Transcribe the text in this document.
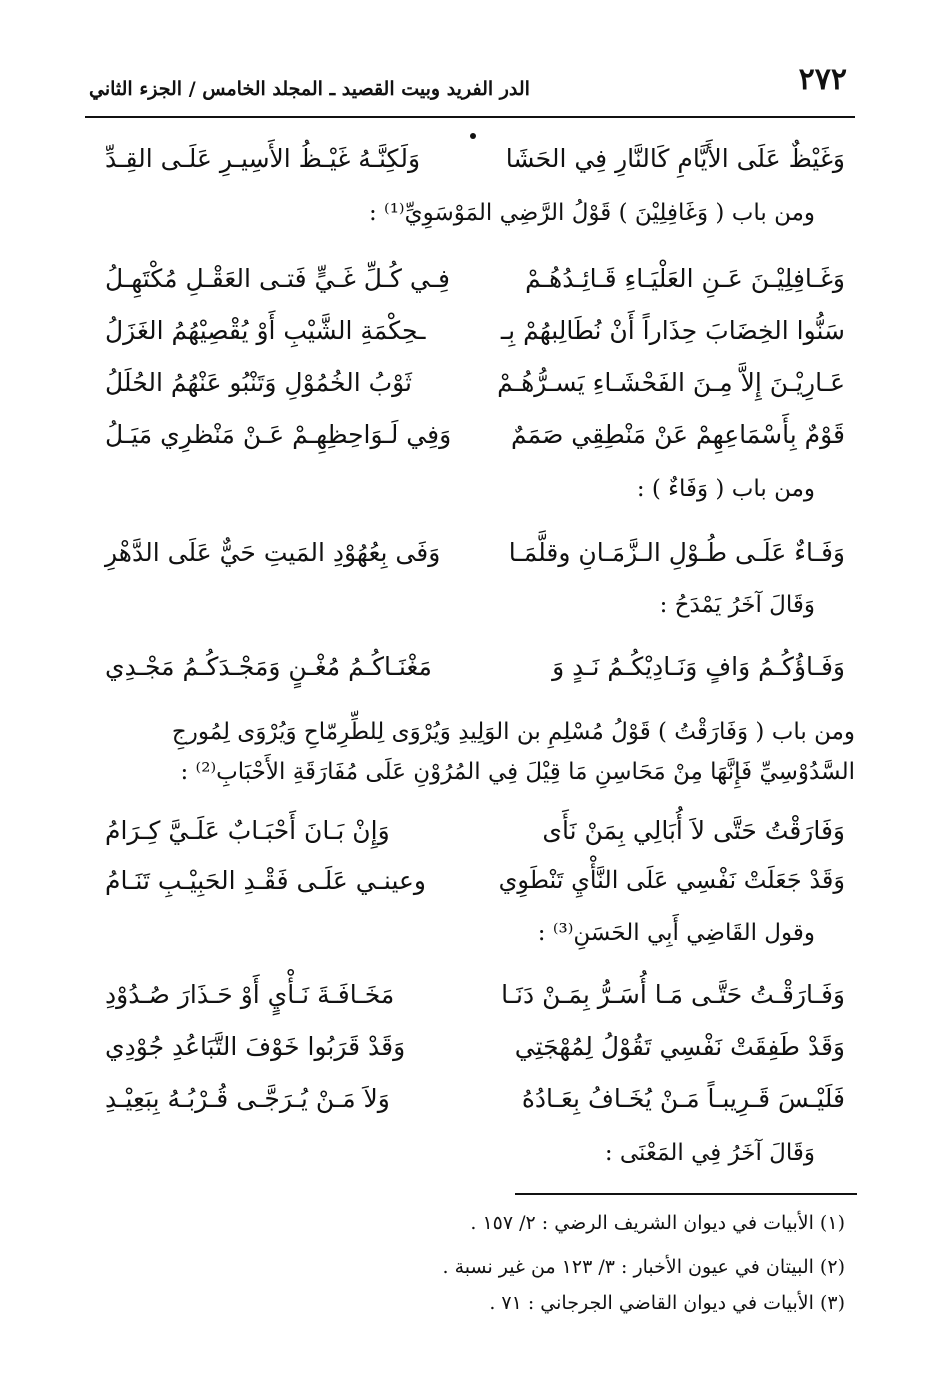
٢٧٢
الدر الفريد وبيت القصيد ـ المجلد الخامس / الجزء الثاني
وَغَيْظٌ عَلَى الأَيَّامِ كَالنَّارِ فِي الحَشَا
وَلَكِنَّـهُ غَيْـظُ الأَسِيـرِ عَلَـى القِـدِّ
ومن باب ( وَغَافِلِيْنَ ) قَوْلُ الرَّضِي المَوْسَوِيِّ⁽¹⁾ :
وَغَـافِلِيْـنَ عَـنِ العَلْيَـاءِ قَـائِـدُهُـمْ
فِـي كُـلِّ غَـيٍّ فَتـى العَقْـلِ مُكْتَهِـلُ
سَنُّوا الخِضَابَ حِذَاراً أَنْ نُطَالِبهُمْ بِـ
ـحِكْمَةِ الشَّيْبِ أَوْ يُقْصِيْهُمُ الغَزَلُ
عَـارِيْـنَ إِلاَّ مِـنَ الفَحْشَـاءِ يَسـرُّهُـمْ
ثَوْبُ الخُمُوْلِ وَتَنْبُو عَنْهُمُ الحُلَلُ
قَوْمٌ بِأَسْمَاعِهِمْ عَنْ مَنْطِقِي صَمَمٌ
وَفِي لَـوَاحِظِهِـمْ عَـنْ مَنْظرِي مَيَـلُ
ومن باب ( وَفَاءٌ ) :
وَفَـاءٌ عَلَـى طُـوْلِ الـزَّمَـانِ وقلَّمَـا
وَفَى بِعُهُوْدِ المَيتِ حَيٌّ عَلَى الدَّهْرِ
وَقَالَ آخَرُ يَمْدَحُ :
وَفَـاؤُكُـمُ وَافٍ وَنَـادِيْكُـمُ نَـدٍ وَ
مَغْنَـاكُـمُ مُغْـنٍ وَمَجْـدَكُـمُ مَجْـدِي
ومن باب ( وَفَارَقْتُ ) قَوْلُ مُسْلِمِ بن الوَلِيدِ وَيُرْوَى لِلطِّرِمّاحِ وَيُرْوَى لِمُورجِ
السَّدُوْسِيِّ فَإِنَّهَا مِنْ مَحَاسِنِ مَا قِيْلَ فِي المُرُوْنِ عَلَى مُفَارَقَةِ الأَحْبَابِ⁽²⁾ :
وَفَارَقْتُ حَتَّى لاَ أُبَالِي بِمَنْ نَأَى
وَإِنْ بَـانَ أَحْبَـابٌ عَلَـيَّ كِـرَامُ
وَقَدْ جَعَلَتْ نَفْسِي عَلَى النَّأْيِ تَنْطَوِي
وعينـي عَلَـى فَقْـدِ الحَبِيْـبِ تَنَـامُ
وقول القَاضِي أَبِي الحَسَنِ⁽³⁾ :
وَفَـارَقْـتُ حَتَّـى مَـا أُسَـرُّ بِمَـنْ دَنَـا
مَخَـافَـةَ نَـأْيٍ أَوْ حَـذَارَ صُـدُوْدِ
وَقَدْ طَفِقَتْ نَفْسِي تَقُوْلُ لِمُهْجَتِي
وَقَدْ قَرَبُوا خَوْفَ التَّبَاعُدِ جُوْدِي
فَلَيْـسَ قَـرِيبـاً مَـنْ يُخَـافُ بِعَـادُهُ
وَلاَ مَـنْ يُـرَجَّـى قُـرْبُـهُ بِبَعِيْـدِ
وَقَالَ آخَرُ فِي المَعْنَى :
(١) الأبيات في ديوان الشريف الرضي : ٢/ ١٥٧ .
(٢) البيتان في عيون الأخبار : ٣/ ١٢٣ من غير نسبة .
(٣) الأبيات في ديوان القاضي الجرجاني : ٧١ .
